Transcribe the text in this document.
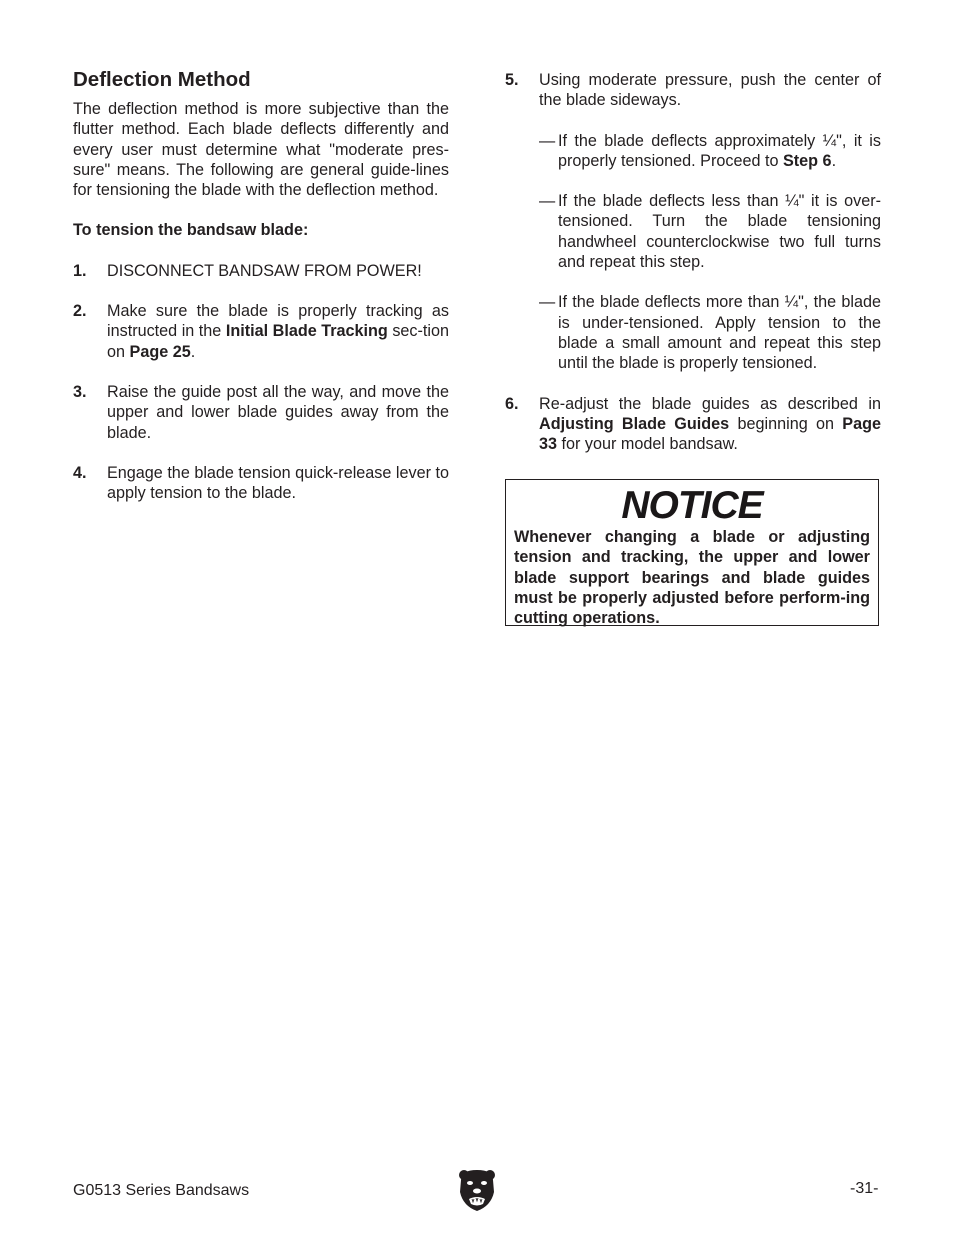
Deflection Method

The deflection method is more subjective than the flutter method. Each blade deflects differently and every user must determine what "moderate pres-sure" means. The following are general guide-lines for tensioning the blade with the deflection method.

To tension the bandsaw blade:

1.	DISCONNECT BANDSAW FROM POWER!
2.	Make sure the blade is properly tracking as instructed in the Initial Blade Tracking sec-tion on Page 25.
3.	Raise the guide post all the way, and move the upper and lower blade guides away from the blade.
4.	Engage the blade tension quick-release lever to apply tension to the blade.
5.	Using moderate pressure, push the center of the blade sideways.
— If the blade deflects approximately ¼", it is properly tensioned. Proceed to Step 6.
— If the blade deflects less than ¼" it is over-tensioned. Turn the blade tensioning handwheel counterclockwise two full turns and repeat this step.
— If the blade deflects more than ¼", the blade is under-tensioned. Apply tension to the blade a small amount and repeat this step until the blade is properly tensioned.
6.	Re-adjust the blade guides as described in Adjusting Blade Guides beginning on Page 33 for your model bandsaw.
NOTICE
Whenever changing a blade or adjusting tension and tracking, the upper and lower blade support bearings and blade guides must be properly adjusted before perform-ing cutting operations.
G0513 Series Bandsaws	-31-
